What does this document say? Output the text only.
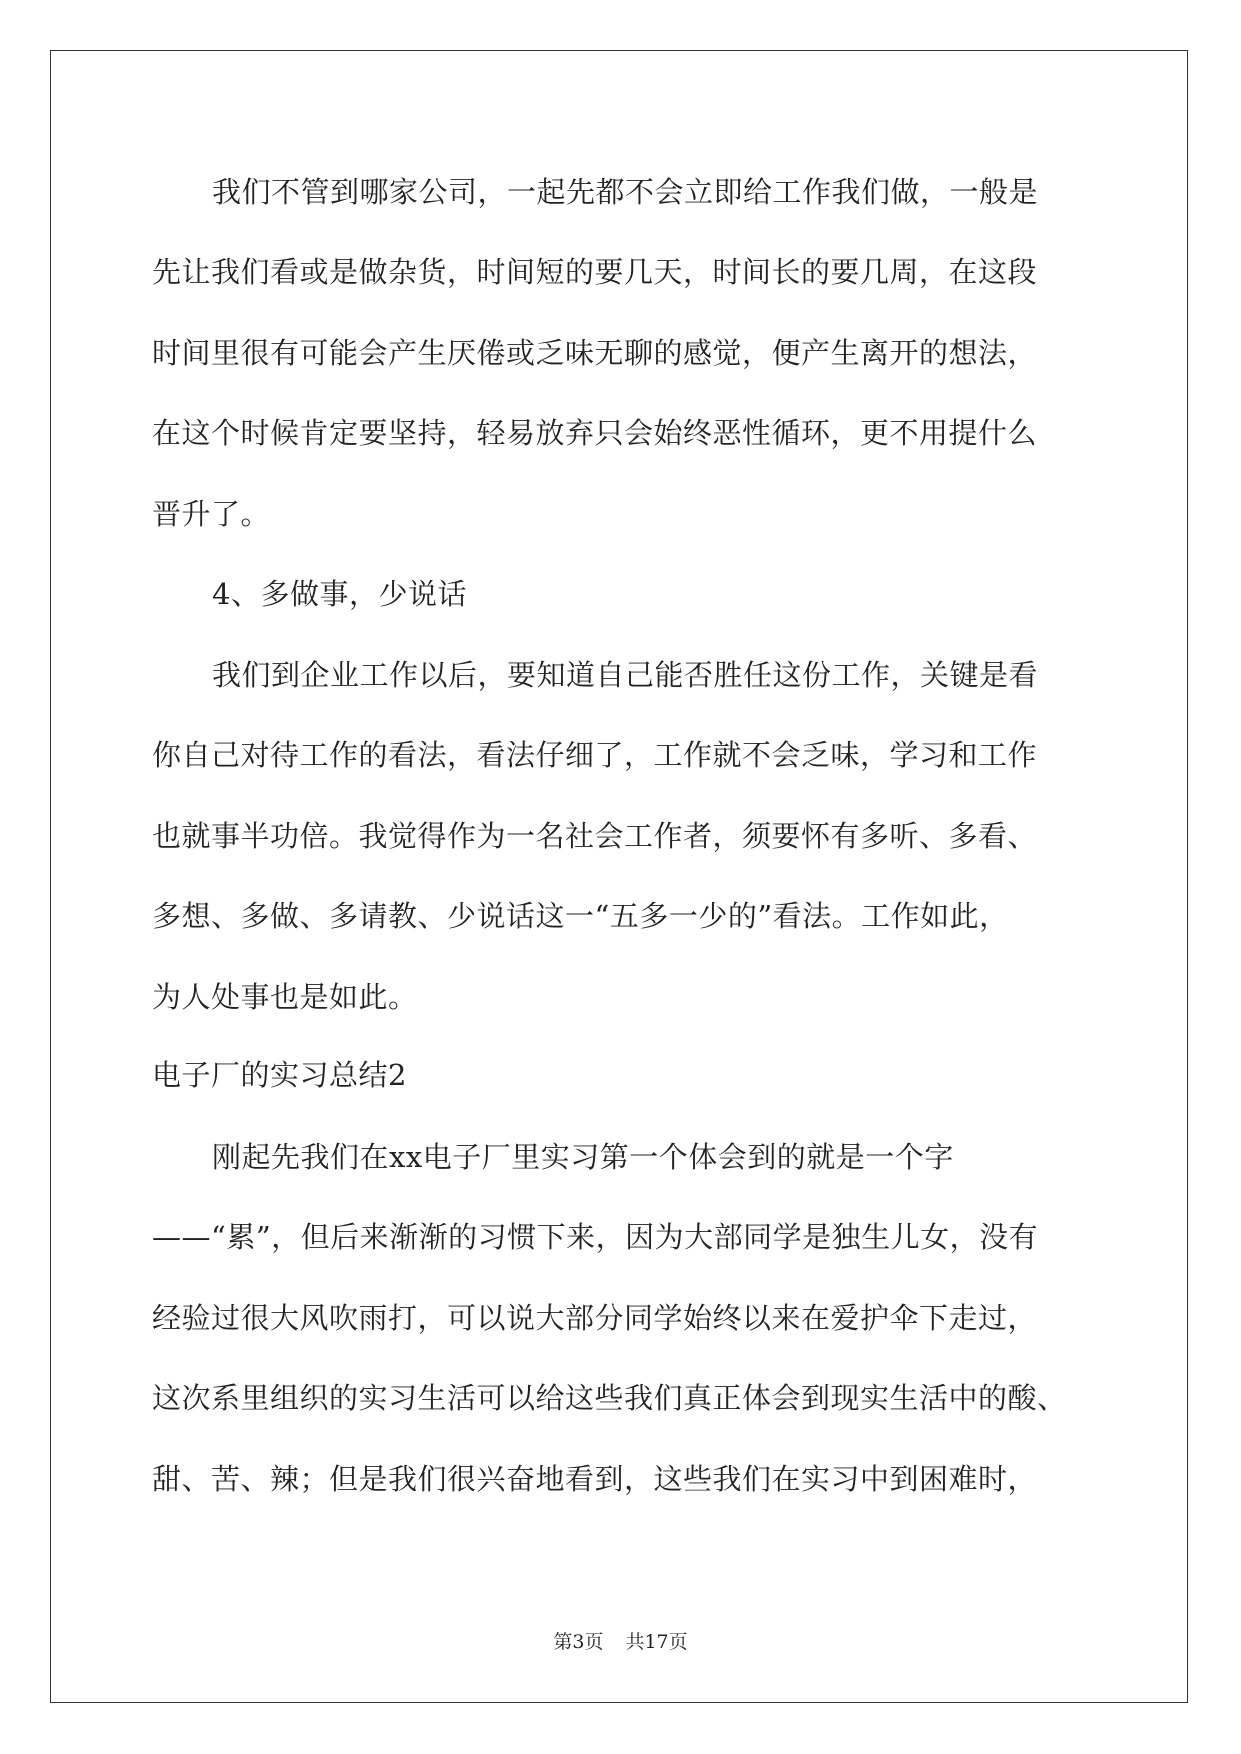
我们不管到哪家公司，一起先都不会立即给工作我们做，一般是
先让我们看或是做杂货，时间短的要几天，时间长的要几周，在这段
时间里很有可能会产生厌倦或乏味无聊的感觉，便产生离开的想法，
在这个时候肯定要坚持，轻易放弃只会始终恶性循环，更不用提什么
晋升了。
4、多做事，少说话
我们到企业工作以后，要知道自己能否胜任这份工作，关键是看
你自己对待工作的看法，看法仔细了，工作就不会乏味，学习和工作
也就事半功倍。我觉得作为一名社会工作者，须要怀有多听、多看、
多想、多做、多请教、少说话这一“五多一少的”看法。工作如此，
为人处事也是如此。
电子厂的实习总结2
刚起先我们在xx电子厂里实习第一个体会到的就是一个字
——“累”，但后来渐渐的习惯下来，因为大部同学是独生儿女，没有
经验过很大风吹雨打，可以说大部分同学始终以来在爱护伞下走过，
这次系里组织的实习生活可以给这些我们真正体会到现实生活中的酸、
甜、苦、辣；但是我们很兴奋地看到，这些我们在实习中到困难时，
第3页 共17页
